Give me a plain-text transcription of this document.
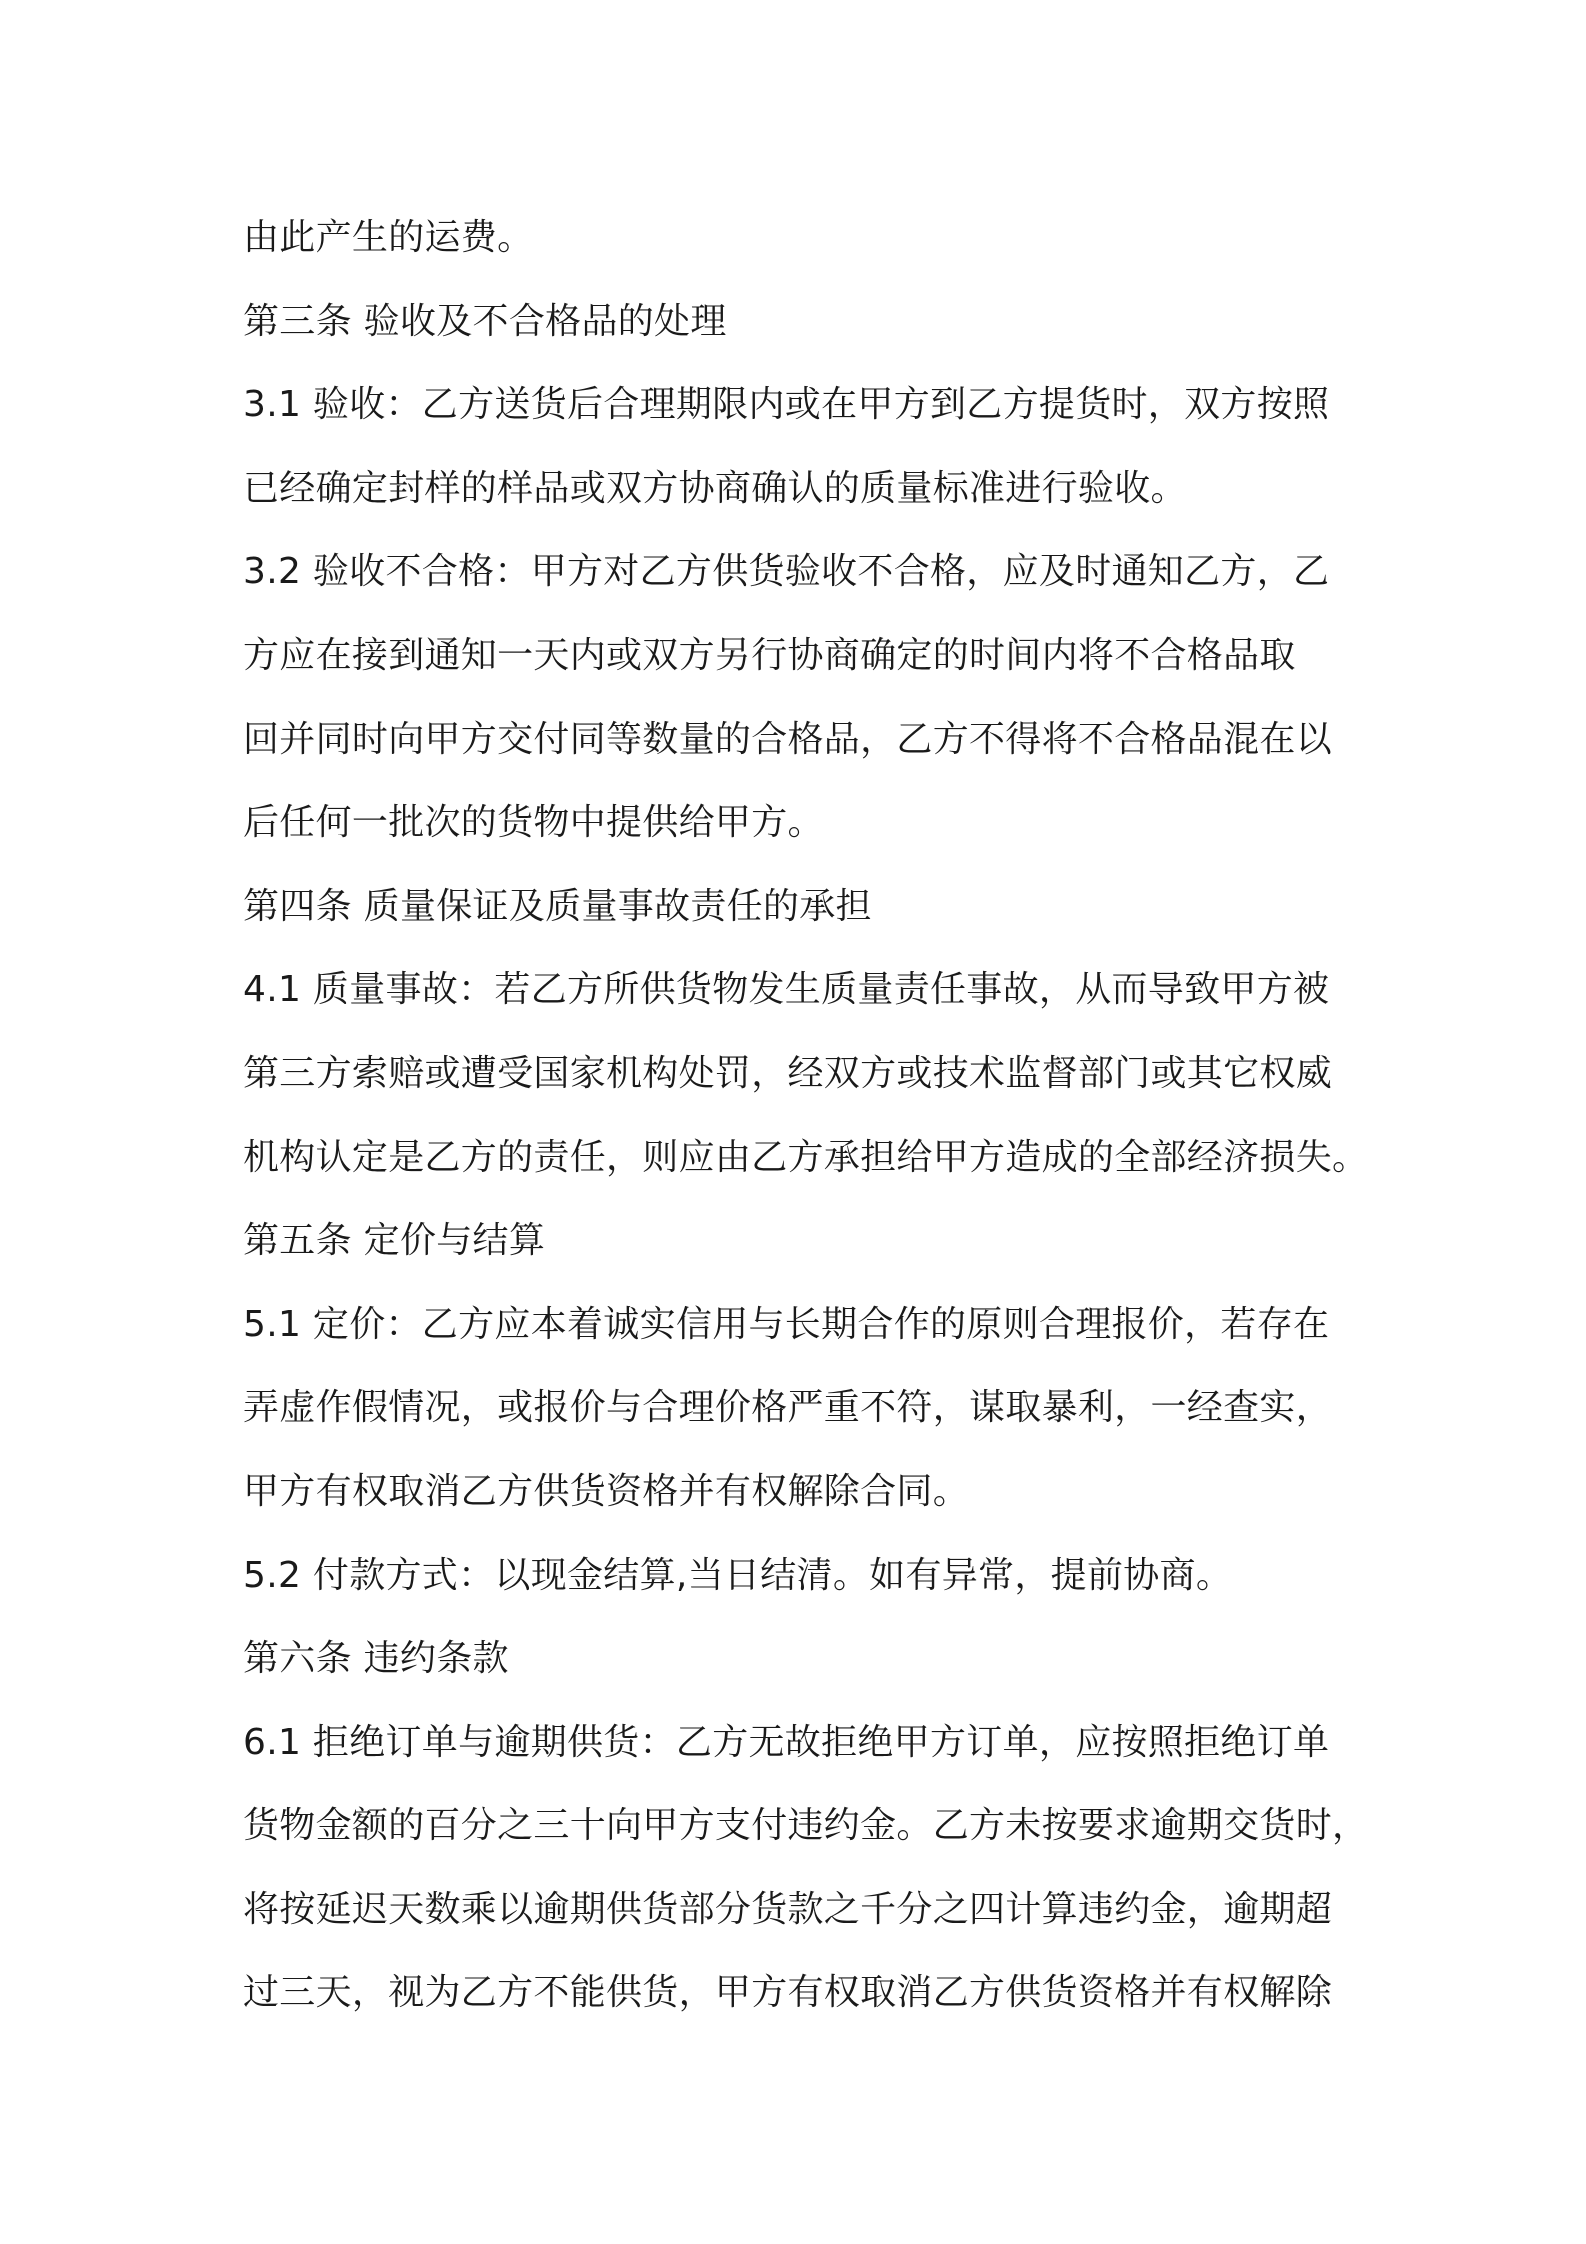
由此产生的运费。
第三条 验收及不合格品的处理
3.1 验收：乙方送货后合理期限内或在甲方到乙方提货时，双方按照
已经确定封样的样品或双方协商确认的质量标准进行验收。
3.2 验收不合格：甲方对乙方供货验收不合格，应及时通知乙方，乙
方应在接到通知一天内或双方另行协商确定的时间内将不合格品取
回并同时向甲方交付同等数量的合格品，乙方不得将不合格品混在以
后任何一批次的货物中提供给甲方。
第四条 质量保证及质量事故责任的承担
4.1 质量事故：若乙方所供货物发生质量责任事故，从而导致甲方被
第三方索赔或遭受国家机构处罚，经双方或技术监督部门或其它权威
机构认定是乙方的责任，则应由乙方承担给甲方造成的全部经济损失。
第五条 定价与结算
5.1 定价：乙方应本着诚实信用与长期合作的原则合理报价，若存在
弄虚作假情况，或报价与合理价格严重不符，谋取暴利，一经查实，
甲方有权取消乙方供货资格并有权解除合同。
5.2 付款方式：以现金结算,当日结清。如有异常，提前协商。
第六条 违约条款
6.1 拒绝订单与逾期供货：乙方无故拒绝甲方订单，应按照拒绝订单
货物金额的百分之三十向甲方支付违约金。乙方未按要求逾期交货时，
将按延迟天数乘以逾期供货部分货款之千分之四计算违约金，逾期超
过三天，视为乙方不能供货，甲方有权取消乙方供货资格并有权解除
